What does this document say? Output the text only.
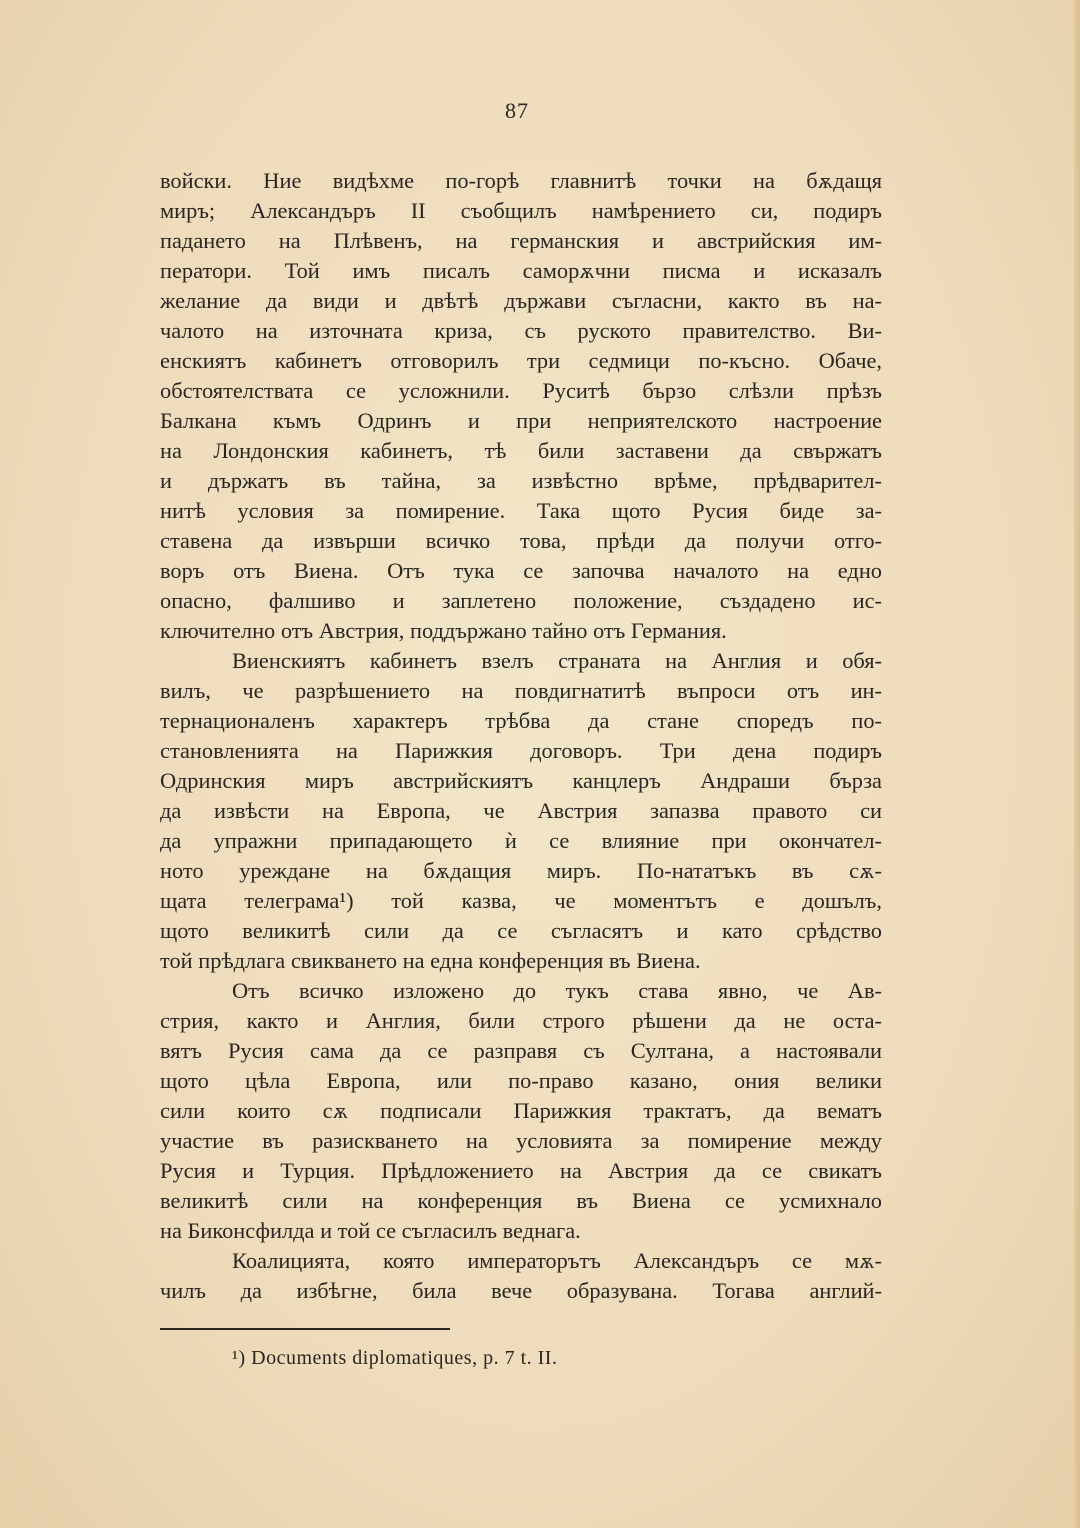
87
войски. Ние видѣхме по-горѣ главнитѣ точки на бѫдащя
миръ; Александъръ II съобщилъ намѣрението си, подиръ
падането на Плѣвенъ, на германския и австрийския им-
ператори. Той имъ писалъ саморѫчни писма и исказалъ
желание да види и двѣтѣ държави съгласни, както въ на-
чалото на източната криза, съ руското правителство. Ви-
енскиятъ кабинетъ отговорилъ три седмици по-късно. Обаче,
обстоятелствата се усложнили. Руситѣ бързо слѣзли прѣзъ
Балкана къмъ Одринъ и при неприятелското настроение
на Лондонския кабинетъ, тѣ били заставени да свържатъ
и държатъ въ тайна, за извѣстно врѣме, прѣдварител-
нитѣ условия за помирение. Така щото Русия биде за-
ставена да извърши всичко това, прѣди да получи отго-
воръ отъ Виена. Отъ тука се започва началото на едно
опасно, фалшиво и заплетено положение, създадено ис-
ключително отъ Австрия, поддържано тайно отъ Германия.
Виенскиятъ кабинетъ взелъ страната на Англия и обя-
вилъ, че разрѣшението на повдигнатитѣ въпроси отъ ин-
тернационаленъ характеръ трѣбва да стане споредъ по-
становленията на Парижкия договоръ. Три дена подиръ
Одринския миръ австрийскиятъ канцлеръ Андраши бърза
да извѣсти на Европа, че Австрия запазва правото си
да упражни припадающето ѝ се влияние при окончател-
ното уреждане на бѫдащия миръ. По-нататъкъ въ сѫ-
щата телеграма¹) той казва, че моментътъ е дошълъ,
щото великитѣ сили да се съгласятъ и като срѣдство
той прѣдлага свикването на една конференция въ Виена.
Отъ всичко изложено до тукъ става явно, че Ав-
стрия, както и Англия, били строго рѣшени да не оста-
вятъ Русия сама да се разправя съ Султана, а настоявали
щото цѣла Европа, или по-право казано, ония велики
сили които сѫ подписали Парижкия трактатъ, да вематъ
участие въ разискването на условията за помирение между
Русия и Турция. Прѣдложението на Австрия да се свикатъ
великитѣ сили на конференция въ Виена се усмихнало
на Биконсфилда и той се съгласилъ веднага.
Коалицията, която императорътъ Александъръ се мѫ-
чилъ да избѣгне, била вече образувана. Тогава англий-
¹) Documents diplomatiques, p. 7 t. II.
